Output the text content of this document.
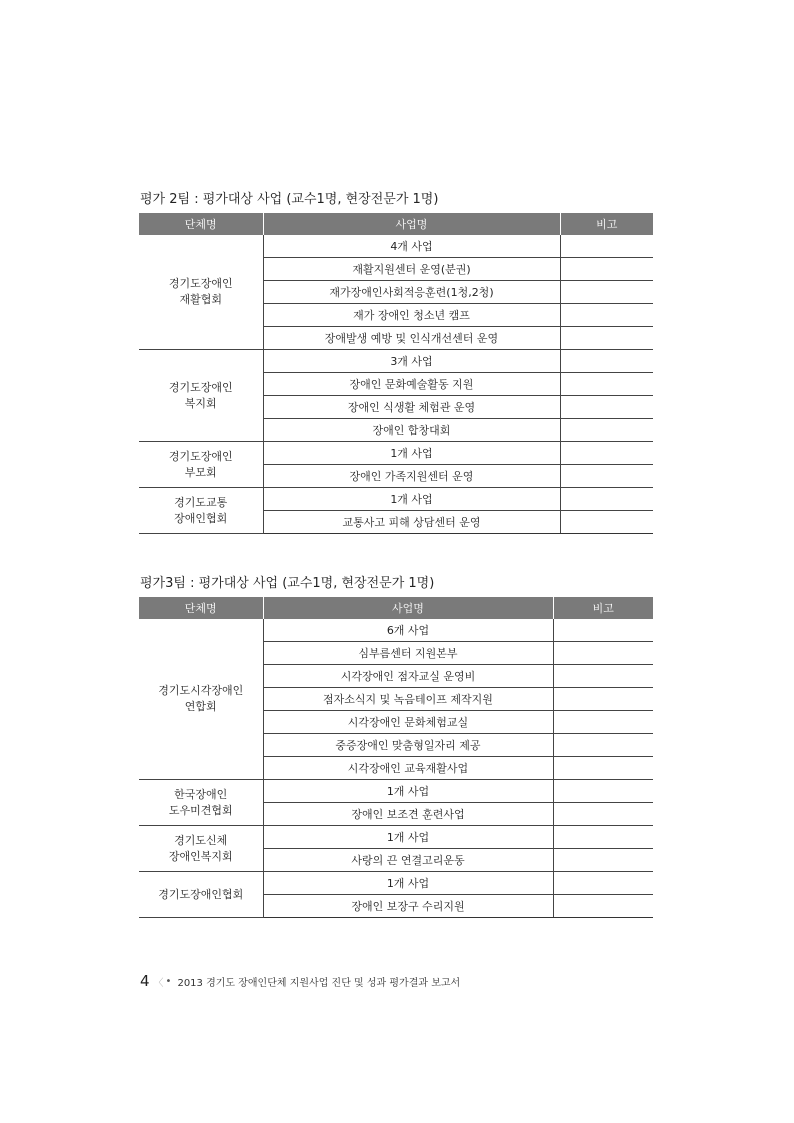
평가 2팀 : 평가대상 사업 (교수1명, 현장전문가 1명)
단체명	사업명	비고

경기도장애인
재활협회	4개 사업	
	재활지원센터 운영(분권)	
	재가장애인사회적응훈련(1청,2청)	
	재가 장애인 청소년 캠프	
	장애발생 예방 및 인식개선센터 운영	

경기도장애인
복지회	3개 사업	
	장애인 문화예술활동 지원	
	장애인 식생활 체험관 운영	
	장애인 합창대회	

경기도장애인
부모회	1개 사업	
	장애인 가족지원센터 운영	

경기도교통
장애인협회	1개 사업	
	교통사고 피해 상담센터 운영	
평가3팀 : 평가대상 사업 (교수1명, 현장전문가 1명)
단체명	사업명	비고

경기도시각장애인
연합회	6개 사업	
	심부름센터 지원본부	
	시각장애인 점자교실 운영비	
	점자소식지 및 녹음테이프 제작지원	
	시각장애인 문화체험교실	
	중증장애인 맞춤형일자리 제공	
	시각장애인 교육재활사업	

한국장애인
도우미견협회	1개 사업	
	장애인 보조견 훈련사업	

경기도신체
장애인복지회	1개 사업	
	사랑의 끈 연결고리운동	

경기도장애인협회	1개 사업	
	장애인 보장구 수리지원	
4 〈 • 2013 경기도 장애인단체 지원사업 진단 및 성과 평가결과 보고서
